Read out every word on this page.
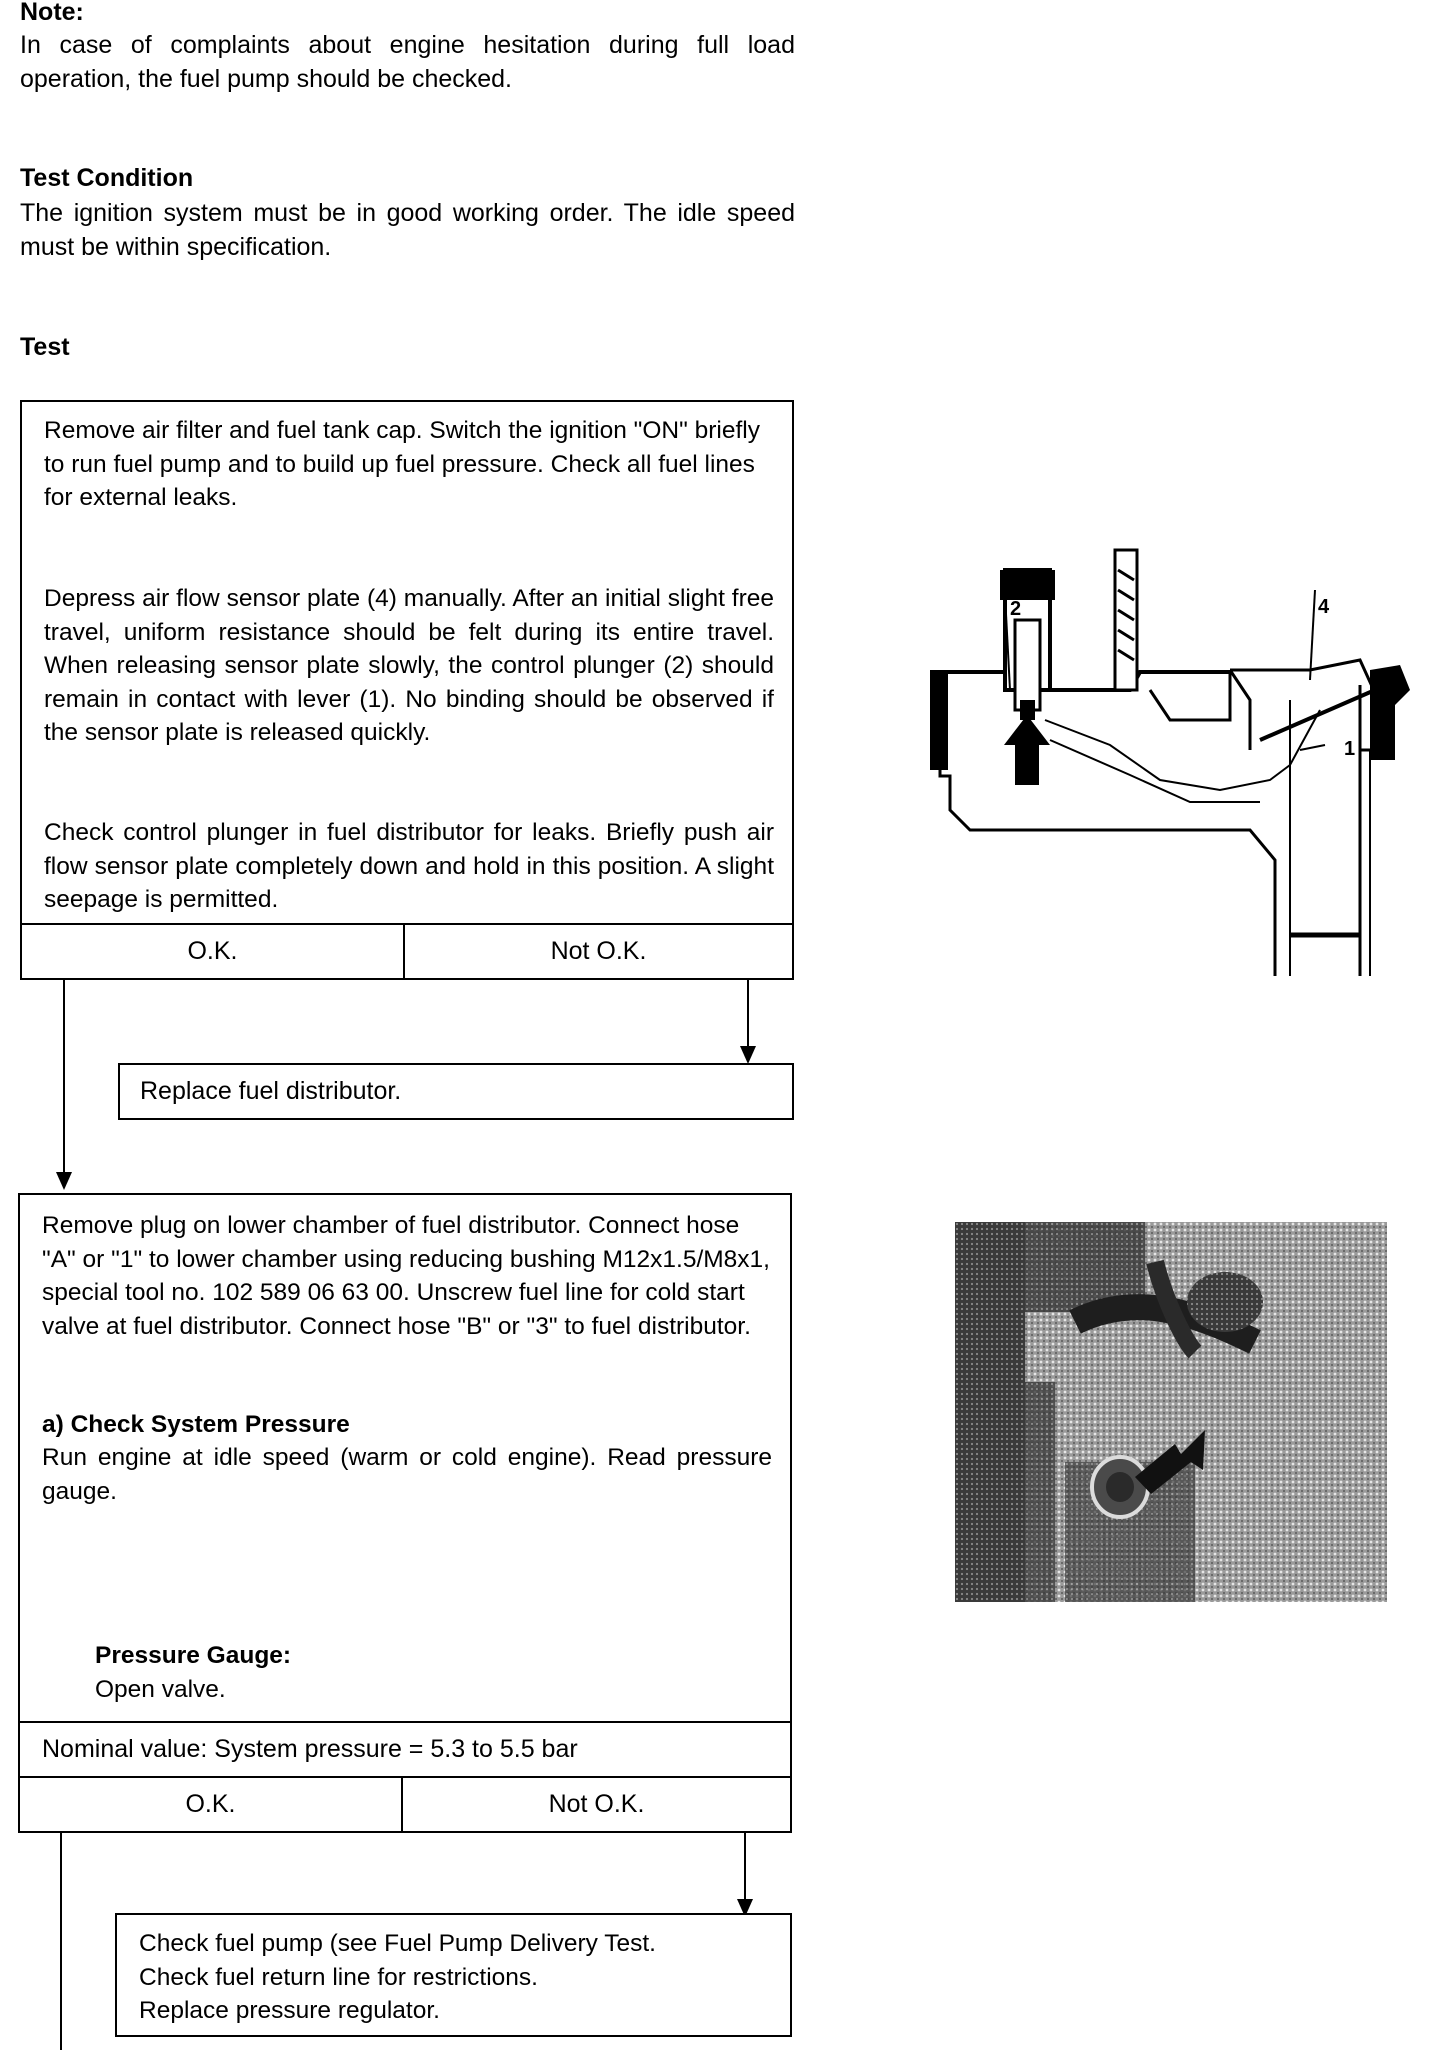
Note:
In case of complaints about engine hesitation during full load operation, the fuel pump should be checked.
Test Condition
The ignition system must be in good working order. The idle speed must be within specification.
Test
Remove air filter and fuel tank cap. Switch the ignition "ON" briefly to run fuel pump and to build up fuel pressure. Check all fuel lines for external leaks.
Depress air flow sensor plate (4) manually. After an initial slight free travel, uniform resistance should be felt during its entire travel. When releasing sensor plate slowly, the control plunger (2) should remain in contact with lever (1). No binding should be observed if the sensor plate is released quickly.
Check control plunger in fuel distributor for leaks. Briefly push air flow sensor plate completely down and hold in this position. A slight seepage is permitted.
O.K.	Not O.K.
Replace fuel distributor.
Remove plug on lower chamber of fuel distributor. Connect hose "A" or "1" to lower chamber using reducing bushing M12x1.5/M8x1, special tool no. 102 589 06 63 00. Unscrew fuel line for cold start valve at fuel distributor. Connect hose "B" or "3" to fuel distributor.
a) Check System Pressure
Run engine at idle speed (warm or cold engine). Read pressure gauge.
Pressure Gauge:
Open valve.
Nominal value: System pressure = 5.3 to 5.5 bar
O.K.	Not O.K.
Check fuel pump (see Fuel Pump Delivery Test.
Check fuel return line for restrictions.
Replace pressure regulator.
2	4
1
